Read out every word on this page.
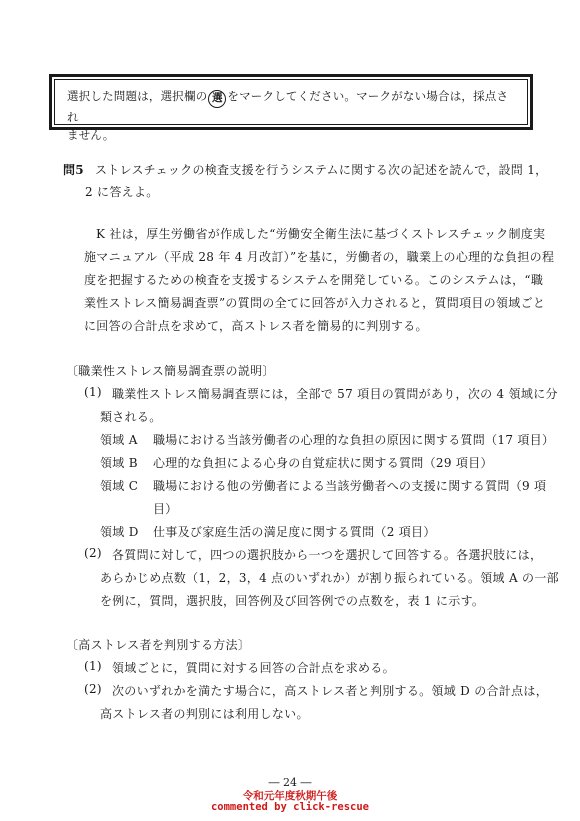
選択した問題は，選択欄の 選 をマークしてください。マークがない場合は，採点され
ません。
問5 ストレスチェックの検査支援を行うシステムに関する次の記述を読んで，設問 1，
2 に答えよ。
K 社は，厚生労働省が作成した“労働安全衛生法に基づくストレスチェック制度実
施マニュアル（平成 28 年 4 月改訂）”を基に，労働者の，職業上の心理的な負担の程
度を把握するための検査を支援するシステムを開発している。このシステムは，“職
業性ストレス簡易調査票”の質問の全てに回答が入力されると，質問項目の領域ごと
に回答の合計点を求めて，高ストレス者を簡易的に判別する。
〔職業性ストレス簡易調査票の説明〕
(1) 職業性ストレス簡易調査票には，全部で 57 項目の質問があり，次の 4 領域に分
類される。
領域 A 職場における当該労働者の心理的な負担の原因に関する質問（17 項目）
領域 B 心理的な負担による心身の自覚症状に関する質問（29 項目）
領域 C 職場における他の労働者による当該労働者への支援に関する質問（9 項
目）
領域 D 仕事及び家庭生活の満足度に関する質問（2 項目）
(2) 各質問に対して，四つの選択肢から一つを選択して回答する。各選択肢には，
あらかじめ点数（1，2，3，4 点のいずれか）が割り振られている。領域 A の一部
を例に，質問，選択肢，回答例及び回答例での点数を，表 1 に示す。
〔高ストレス者を判別する方法〕
(1) 領域ごとに，質問に対する回答の合計点を求める。
(2) 次のいずれかを満たす場合に，高ストレス者と判別する。領域 D の合計点は，
高ストレス者の判別には利用しない。
― 24 ―
令和元年度秋期午後
commented by click-rescue
